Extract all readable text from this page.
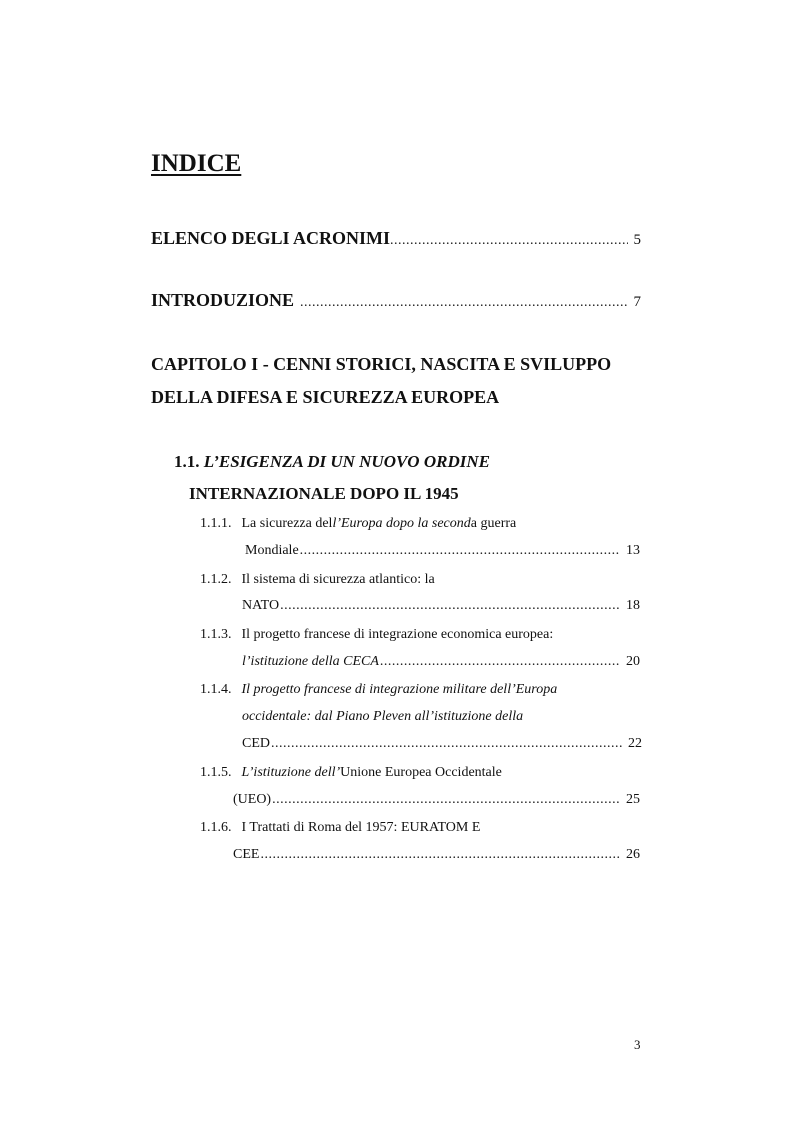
INDICE
ELENCO DEGLI ACRONIMI .....	5
INTRODUZIONE .....	7
CAPITOLO I - CENNI STORICI, NASCITA E SVILUPPO
DELLA DIFESA E SICUREZZA EUROPEA
1.1. L’ESIGENZA DI UN NUOVO ORDINE
INTERNAZIONALE DOPO IL 1945
1.1.1. La sicurezza dell’Europa dopo la seconda guerra
Mondiale .....	13
1.1.2. Il sistema di sicurezza atlantico: la
NATO .....	18
1.1.3. Il progetto francese di integrazione economica europea:
l’istituzione della CECA .....	20
1.1.4. Il progetto francese di integrazione militare dell’Europa
occidentale: dal Piano Pleven all’istituzione della
CED .....	22
1.1.5. L’istituzione dell’Unione Europea Occidentale
(UEO) .....	25
1.1.6. I Trattati di Roma del 1957: EURATOM E
CEE .....	26
3
